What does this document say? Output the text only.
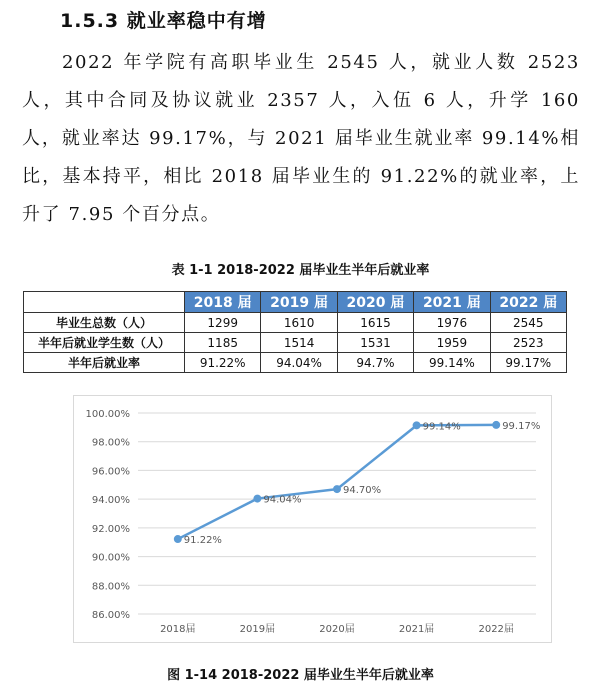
1.5.3 就业率稳中有增
2022 年学院有高职毕业生 2545 人，就业人数 2523 人，其中合同及协议就业 2357 人，入伍 6 人，升学 160 人，就业率达 99.17%，与 2021 届毕业生就业率 99.14%相比，基本持平，相比 2018 届毕业生的 91.22%的就业率，上升了 7.95 个百分点。
表 1-1 2018-2022 届毕业生半年后就业率
	2018 届	2019 届	2020 届	2021 届	2022 届
毕业生总数（人）	1299	1610	1615	1976	2545
半年后就业学生数（人）	1185	1514	1531	1959	2523
半年后就业率	91.22%	94.04%	94.7%	99.14%	99.17%
86.00%
88.00%
90.00%
92.00%
94.00%
96.00%
98.00%
100.00%
2018届	2019届	2020届	2021届	2022届
91.22%
94.04%
94.70%
99.14%	99.17%
图 1-14 2018-2022 届毕业生半年后就业率
